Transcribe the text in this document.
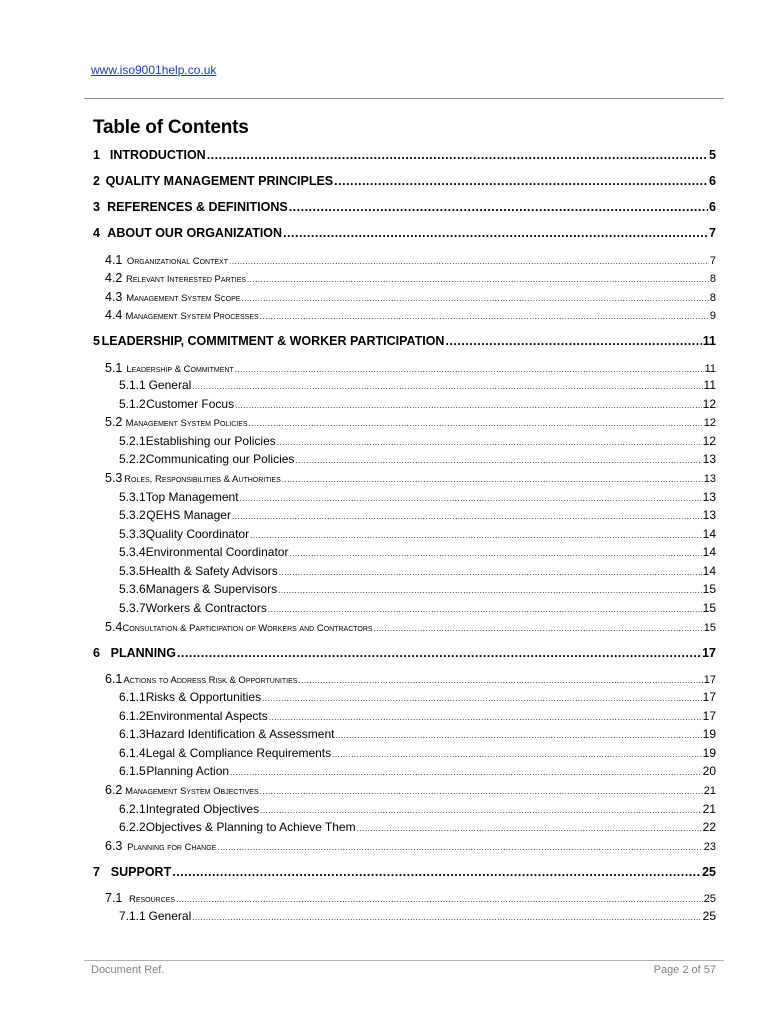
www.iso9001help.co.uk
Table of Contents
1 INTRODUCTION .....	5
2 QUALITY MANAGEMENT PRINCIPLES .....	6
3 REFERENCES & DEFINITIONS .....	6
4 ABOUT OUR ORGANIZATION .....	7
4.1 Organizational Context .....	7
4.2 Relevant Interested Parties .....	8
4.3 Management System Scope .....	8
4.4 Management System Processes .....	9
5 LEADERSHIP, COMMITMENT & WORKER PARTICIPATION .....	11
5.1 Leadership & Commitment .....	11
5.1.1 General .....	11
5.1.2 Customer Focus .....	12
5.2 Management System Policies .....	12
5.2.1 Establishing our Policies .....	12
5.2.2 Communicating our Policies .....	13
5.3 Roles, Responsibilities & Authorities .....	13
5.3.1 Top Management .....	13
5.3.2 QEHS Manager .....	13
5.3.3 Quality Coordinator .....	14
5.3.4 Environmental Coordinator .....	14
5.3.5 Health & Safety Advisors .....	14
5.3.6 Managers & Supervisors .....	15
5.3.7 Workers & Contractors .....	15
5.4 Consultation & Participation of Workers and Contractors .....	15
6 PLANNING .....	17
6.1 Actions to Address Risk & Opportunities .....	17
6.1.1 Risks & Opportunities .....	17
6.1.2 Environmental Aspects .....	17
6.1.3 Hazard Identification & Assessment .....	19
6.1.4 Legal & Compliance Requirements .....	19
6.1.5 Planning Action .....	20
6.2 Management System Objectives .....	21
6.2.1 Integrated Objectives .....	21
6.2.2 Objectives & Planning to Achieve Them .....	22
6.3 Planning for Change .....	23
7 SUPPORT .....	25
7.1 Resources .....	25
7.1.1 General .....	25
Document Ref.	Page 2 of 57
